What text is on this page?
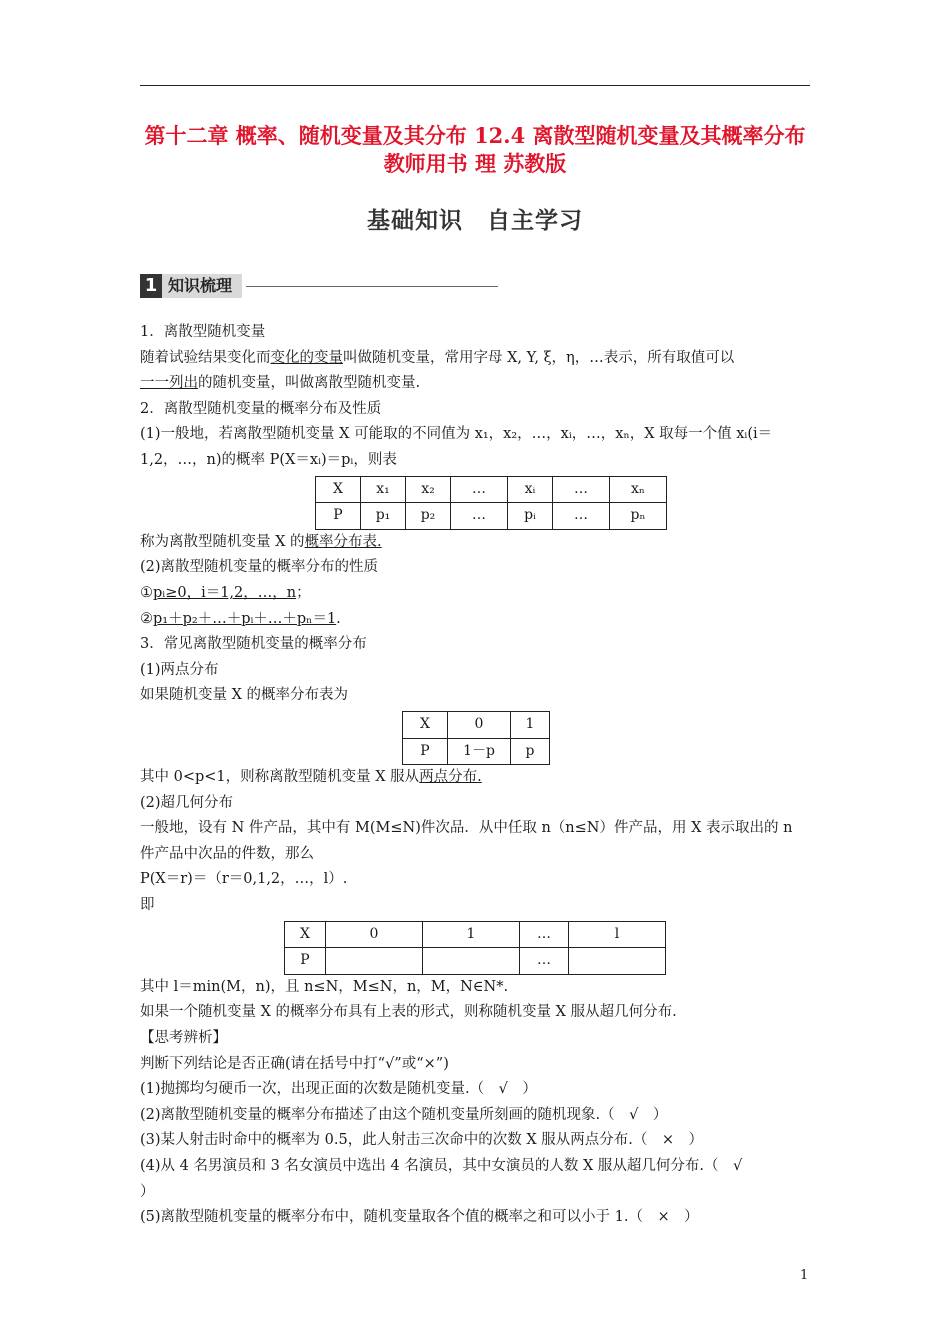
第十二章 概率、随机变量及其分布 12.4 离散型随机变量及其概率分布教师用书 理 苏教版
基础知识　自主学习
1 知识梳理

1．离散型随机变量

随着试验结果变化而变化的变量叫做随机变量，常用字母 X, Y, ξ，η，…表示，所有取值可以

一一列出的随机变量，叫做离散型随机变量.

2．离散型随机变量的概率分布及性质

(1)一般地，若离散型随机变量 X 可能取的不同值为 x₁，x₂，…，xᵢ，…，xₙ，X 取每一个值 xᵢ(i＝

1,2，…，n)的概率 P(X＝xᵢ)＝pᵢ，则表

X	x₁	x₂	…	xᵢ	…	xₙ
P	p₁	p₂	…	pᵢ	…	pₙ

称为离散型随机变量 X 的概率分布表.

(2)离散型随机变量的概率分布的性质

①pᵢ≥0，i＝1,2，…，n；

②p₁＋p₂＋…＋pᵢ＋…＋pₙ＝1.

3．常见离散型随机变量的概率分布

(1)两点分布

如果随机变量 X 的概率分布表为

X	0	1
P	1－p	p

其中 0<p<1，则称离散型随机变量 X 服从两点分布.

(2)超几何分布

一般地，设有 N 件产品，其中有 M(M≤N)件次品．从中任取 n（n≤N）件产品，用 X 表示取出的 n

件产品中次品的件数，那么

P(X＝r)＝（r＝0,1,2，…，l）.

即

X	0	1	…	l
P			…	

其中 l＝min(M，n)，且 n≤N，M≤N，n，M，N∈N*.

如果一个随机变量 X 的概率分布具有上表的形式，则称随机变量 X 服从超几何分布.

【思考辨析】

判断下列结论是否正确(请在括号中打“√”或“×”)

(1)抛掷均匀硬币一次，出现正面的次数是随机变量.（　√　）

(2)离散型随机变量的概率分布描述了由这个随机变量所刻画的随机现象.（　√　）

(3)某人射击时命中的概率为 0.5，此人射击三次命中的次数 X 服从两点分布.（　×　）

(4)从 4 名男演员和 3 名女演员中选出 4 名演员，其中女演员的人数 X 服从超几何分布.（　√

）

(5)离散型随机变量的概率分布中，随机变量取各个值的概率之和可以小于 1.（　×　）

1
